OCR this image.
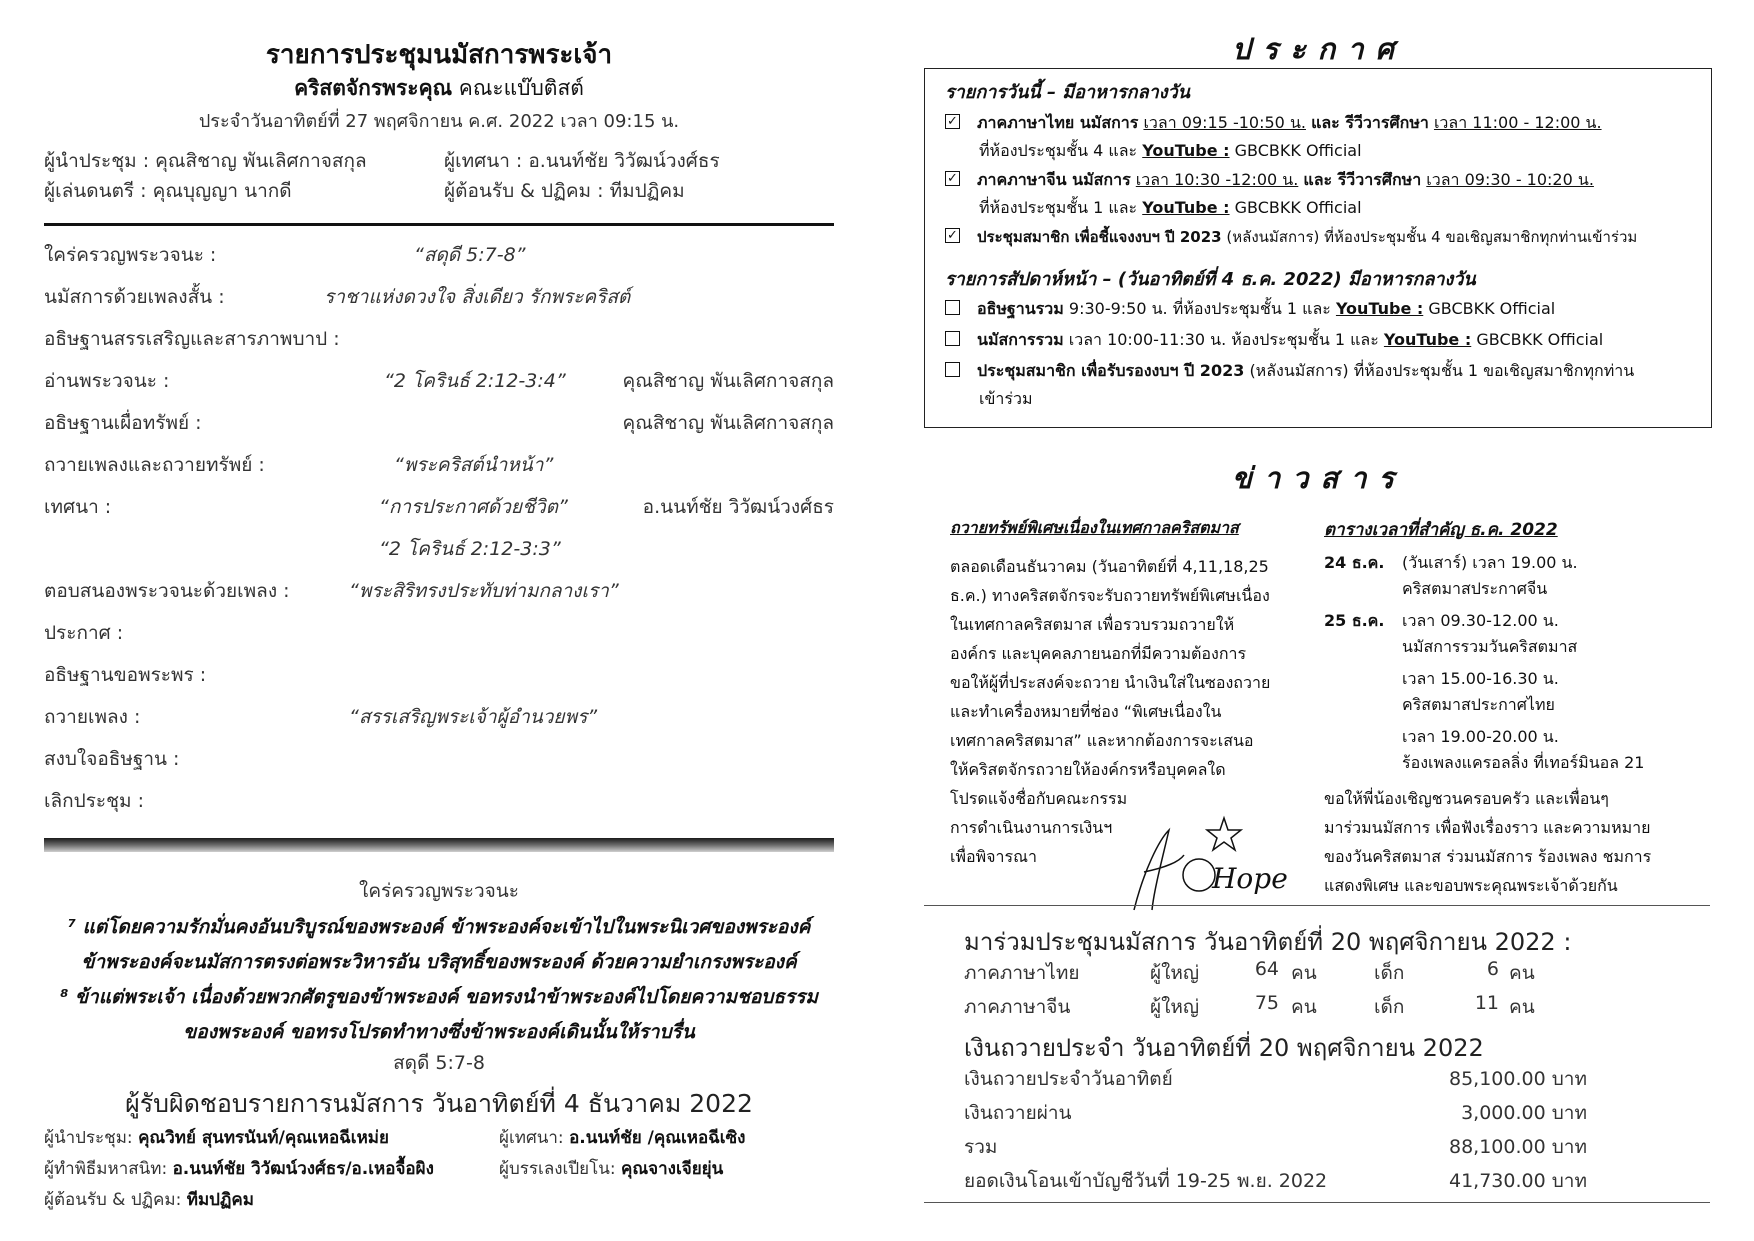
รายการประชุมนมัสการพระเจ้า
คริสตจักรพระคุณ คณะแบ๊บติสต์
ประจำวันอาทิตย์ที่ 27 พฤศจิกายน ค.ศ. 2022 เวลา 09:15 น.
ผู้นำประชุม : คุณสิชาญ พันเลิศกาจสกุล	ผู้เทศนา : อ.นนท์ชัย วิวัฒน์วงศ์ธร
ผู้เล่นดนตรี : คุณบุญญา นากดี	ผู้ต้อนรับ & ปฏิคม : ทีมปฏิคม
ใคร่ครวญพระวจนะ :	“สดุดี 5:7-8”
นมัสการด้วยเพลงสั้น :	ราชาแห่งดวงใจ สิ่งเดียว รักพระคริสต์
อธิษฐานสรรเสริญและสารภาพบาป :
อ่านพระวจนะ :	“2 โครินธ์ 2:12-3:4”	คุณสิชาญ พันเลิศกาจสกุล
อธิษฐานเผื่อทรัพย์ :	คุณสิชาญ พันเลิศกาจสกุล
ถวายเพลงและถวายทรัพย์ :	“พระคริสต์นำหน้า”
เทศนา :	“การประกาศด้วยชีวิต”	อ.นนท์ชัย วิวัฒน์วงศ์ธร
“2 โครินธ์ 2:12-3:3”
ตอบสนองพระวจนะด้วยเพลง :	“พระสิริทรงประทับท่ามกลางเรา”
ประกาศ :
อธิษฐานขอพระพร :
ถวายเพลง :	“สรรเสริญพระเจ้าผู้อำนวยพร”
สงบใจอธิษฐาน :
เลิกประชุม :
ใคร่ครวญพระวจนะ
⁷ แต่โดยความรักมั่นคงอันบริบูรณ์ของพระองค์ ข้าพระองค์จะเข้าไปในพระนิเวศของพระองค์
ข้าพระองค์จะนมัสการตรงต่อพระวิหารอัน บริสุทธิ์ของพระองค์ ด้วยความยำเกรงพระองค์
⁸ ข้าแต่พระเจ้า เนื่องด้วยพวกศัตรูของข้าพระองค์ ขอทรงนำข้าพระองค์ไปโดยความชอบธรรม
ของพระองค์ ขอทรงโปรดทำทางซึ่งข้าพระองค์เดินนั้นให้ราบรื่น
สดุดี 5:7-8
ผู้รับผิดชอบรายการนมัสการ วันอาทิตย์ที่ 4 ธันวาคม 2022
ผู้นำประชุม: คุณวิทย์ สุนทรนันท์/คุณเหอฉีเหม่ย	ผู้เทศนา: อ.นนท์ชัย /คุณเหอฉีเซิง
ผู้ทำพิธีมหาสนิท: อ.นนท์ชัย วิวัฒน์วงศ์ธร/อ.เหอจื้อผิง	ผู้บรรเลงเปียโน: คุณจางเจียยุ่น
ผู้ต้อนรับ & ปฏิคม: ทีมปฏิคม
ประกาศ
รายการวันนี้ – มีอาหารกลางวัน
✓ ภาคภาษาไทย นมัสการ เวลา 09:15 -10:50 น. และ รีวีวารศึกษา เวลา 11:00 - 12:00 น.
ที่ห้องประชุมชั้น 4 และ YouTube : GBCBKK Official
✓ ภาคภาษาจีน นมัสการ เวลา 10:30 -12:00 น. และ รีวีวารศึกษา เวลา 09:30 - 10:20 น.
ที่ห้องประชุมชั้น 1 และ YouTube : GBCBKK Official
✓ ประชุมสมาชิก เพื่อชี้แจงงบฯ ปี 2023 (หลังนมัสการ) ที่ห้องประชุมชั้น 4 ขอเชิญสมาชิกทุกท่านเข้าร่วม
รายการสัปดาห์หน้า – (วันอาทิตย์ที่ 4 ธ.ค. 2022) มีอาหารกลางวัน
อธิษฐานรวม 9:30-9:50 น. ที่ห้องประชุมชั้น 1 และ YouTube : GBCBKK Official
นมัสการรวม เวลา 10:00-11:30 น. ห้องประชุมชั้น 1 และ YouTube : GBCBKK Official
ประชุมสมาชิก เพื่อรับรองงบฯ ปี 2023 (หลังนมัสการ) ที่ห้องประชุมชั้น 1 ขอเชิญสมาชิกทุกท่าน
เข้าร่วม
ข่าวสาร
ถวายทรัพย์พิเศษเนื่องในเทศกาลคริสตมาส
ตลอดเดือนธันวาคม (วันอาทิตย์ที่ 4,11,18,25
ธ.ค.) ทางคริสตจักรจะรับถวายทรัพย์พิเศษเนื่อง
ในเทศกาลคริสตมาส เพื่อรวบรวมถวายให้
องค์กร และบุคคลภายนอกที่มีความต้องการ
ขอให้ผู้ที่ประสงค์จะถวาย นำเงินใส่ในซองถวาย
และทำเครื่องหมายที่ช่อง “พิเศษเนื่องใน
เทศกาลคริสตมาส” และหากต้องการจะเสนอ
ให้คริสตจักรถวายให้องค์กรหรือบุคคลใด
โปรดแจ้งชื่อกับคณะกรรม
การดำเนินงานการเงินฯ
เพื่อพิจารณา
Hope
ตารางเวลาที่สำคัญ ธ.ค. 2022
24 ธ.ค.	(วันเสาร์) เวลา 19.00 น.
คริสตมาสประกาศจีน
25 ธ.ค.	เวลา 09.30-12.00 น.
นมัสการรวมวันคริสตมาส
เวลา 15.00-16.30 น.
คริสตมาสประกาศไทย
เวลา 19.00-20.00 น.
ร้องเพลงแครอลลิ่ง ที่เทอร์มินอล 21
ขอให้พี่น้องเชิญชวนครอบครัว และเพื่อนๆ
มาร่วมนมัสการ เพื่อฟังเรื่องราว และความหมาย
ของวันคริสตมาส ร่วมนมัสการ ร้องเพลง ชมการ
แสดงพิเศษ และขอบพระคุณพระเจ้าด้วยกัน
มาร่วมประชุมนมัสการ วันอาทิตย์ที่ 20 พฤศจิกายน 2022 :
ภาคภาษาไทย	ผู้ใหญ่	64 คน	เด็ก	6 คน
ภาคภาษาจีน	ผู้ใหญ่	75 คน	เด็ก	11 คน
เงินถวายประจำ วันอาทิตย์ที่ 20 พฤศจิกายน 2022
เงินถวายประจำวันอาทิตย์	85,100.00 บาท
เงินถวายผ่าน	3,000.00 บาท
รวม	88,100.00 บาท
ยอดเงินโอนเข้าบัญชีวันที่ 19-25 พ.ย. 2022	41,730.00 บาท
